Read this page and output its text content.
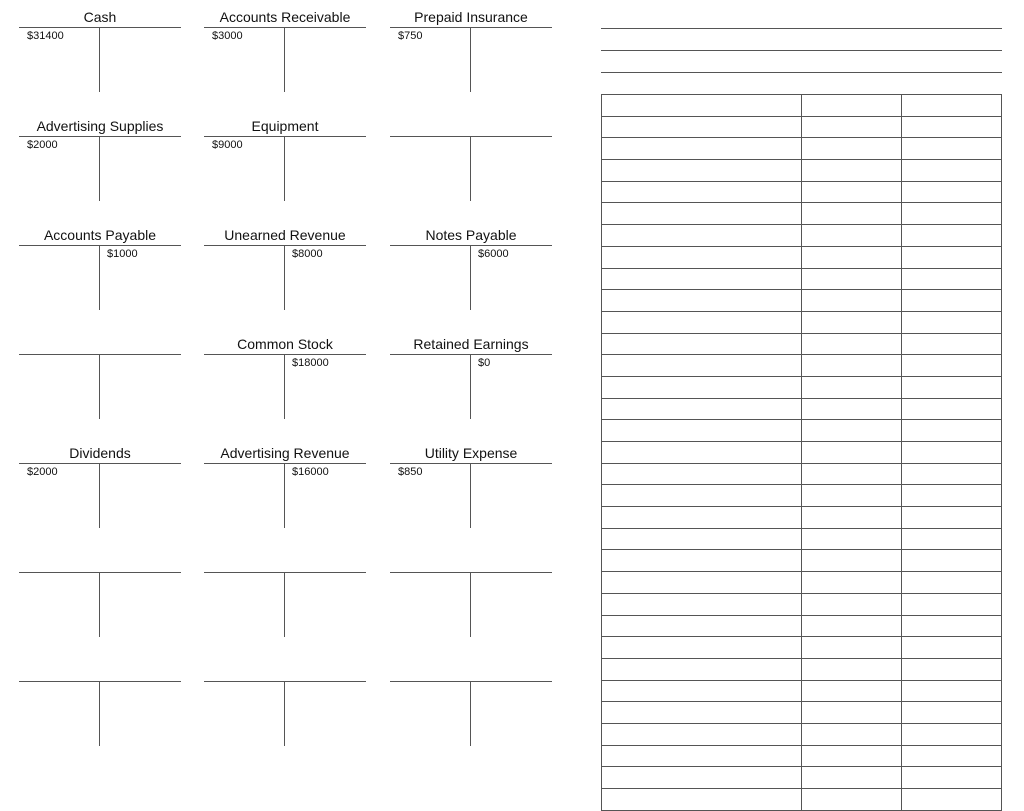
Cash
$31400
Accounts Receivable
$3000
Prepaid Insurance
$750
Advertising Supplies
$2000
Equipment
$9000
Accounts Payable
$1000
Unearned Revenue
$8000
Notes Payable
$6000
Common Stock
$18000
Retained Earnings
$0
Dividends
$2000
Advertising Revenue
$16000
Utility Expense
$850
